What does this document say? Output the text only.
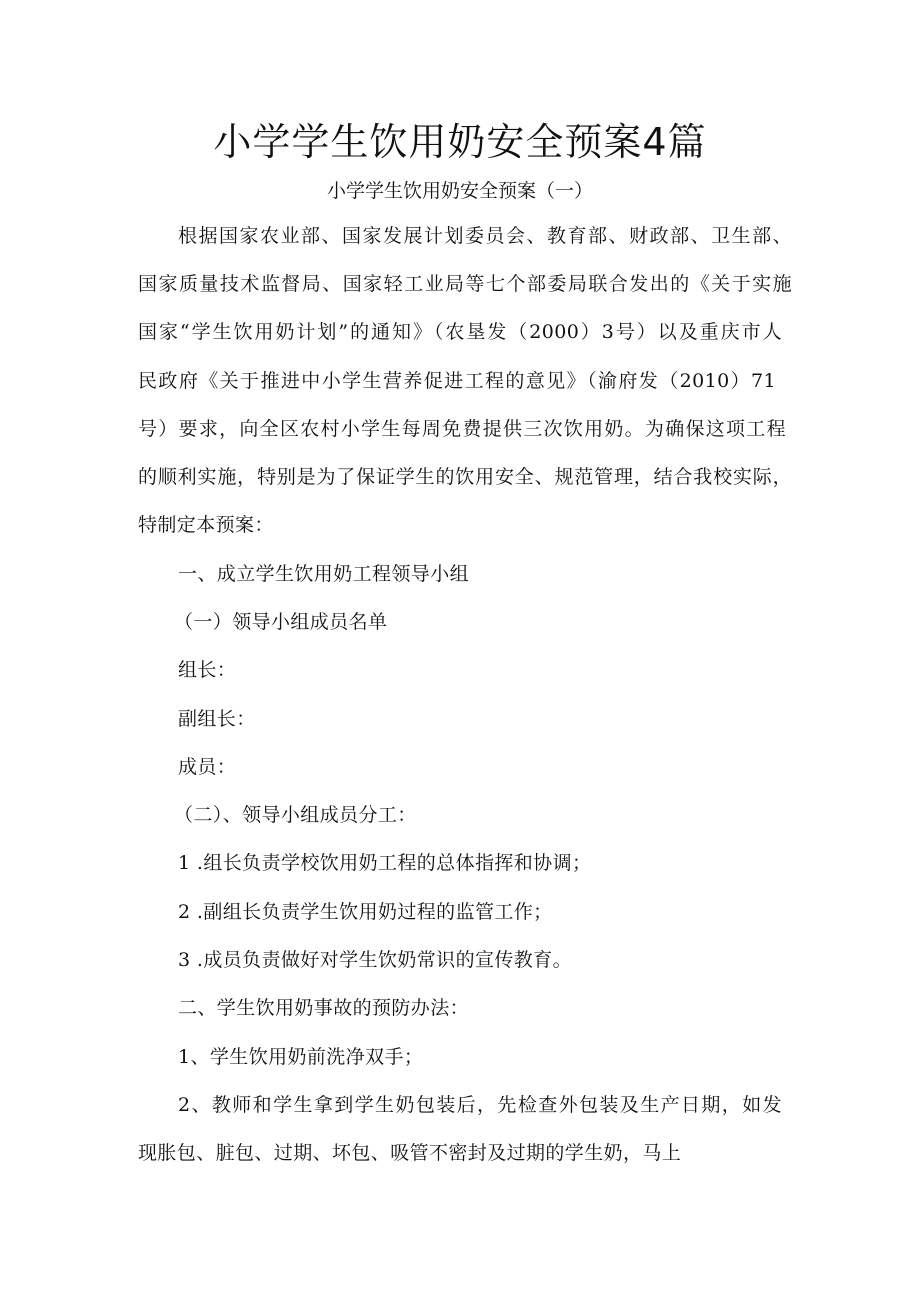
小学学生饮用奶安全预案4篇
小学学生饮用奶安全预案（一）
根据国家农业部、国家发展计划委员会、教育部、财政部、卫生部、
国家质量技术监督局、国家轻工业局等七个部委局联合发出的《关于实施
国家“学生饮用奶计划”的通知》（农垦发（2000）3号）以及重庆市人
民政府《关于推进中小学生营养促进工程的意见》（渝府发（2010）71
号）要求，向全区农村小学生每周免费提供三次饮用奶。为确保这项工程
的顺利实施，特别是为了保证学生的饮用安全、规范管理，结合我校实际，
特制定本预案：
一、成立学生饮用奶工程领导小组
（一）领导小组成员名单
组长：
副组长：
成员：
（二）、领导小组成员分工：
1 .组长负责学校饮用奶工程的总体指挥和协调；
2 .副组长负责学生饮用奶过程的监管工作；
3 .成员负责做好对学生饮奶常识的宣传教育。
二、学生饮用奶事故的预防办法：
1、学生饮用奶前洗净双手；
2、教师和学生拿到学生奶包装后，先检查外包装及生产日期，如发
现胀包、脏包、过期、坏包、吸管不密封及过期的学生奶，马上
